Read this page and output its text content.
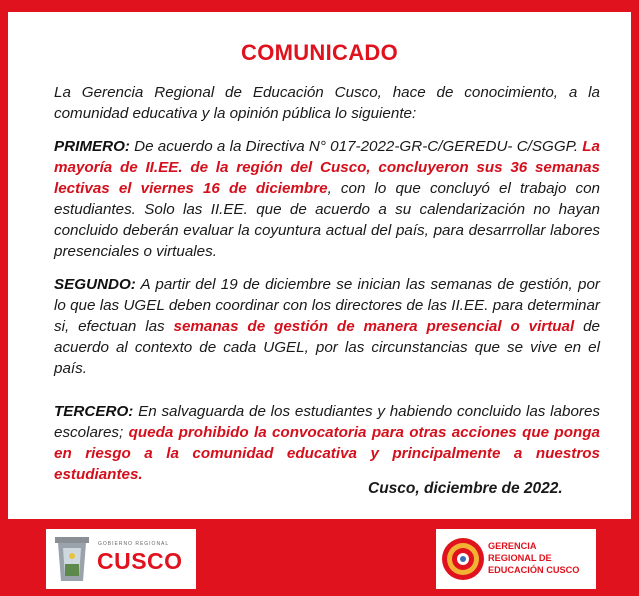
COMUNICADO

La Gerencia Regional de Educación Cusco, hace de conocimiento, a la comunidad educativa y la opinión pública lo siguiente:

PRIMERO: De acuerdo a la Directiva N° 017-2022-GR-C/GEREDU- C/SGGP. La mayoría de II.EE. de la región del Cusco, concluyeron sus 36 semanas lectivas el viernes 16 de diciembre, con lo que concluyó el trabajo con estudiantes. Solo las II.EE. que de acuerdo a su calendarización no hayan concluido deberán evaluar la coyuntura actual del país, para desarrrollar labores presenciales o virtuales.

SEGUNDO: A partir del 19 de diciembre se inician las semanas de gestión, por lo que las UGEL deben coordinar con los directores de las II.EE. para determinar si, efectuan las semanas de gestión de manera presencial o virtual de acuerdo al contexto de cada UGEL, por las circunstancias que se vive en el país.

TERCERO: En salvaguarda de los estudiantes y habiendo concluido las labores escolares; queda prohibido la convocatoria para otras acciones que ponga en riesgo a la comunidad educativa y principalmente a nuestros estudiantes.

Cusco, diciembre de 2022.
GOBIERNO REGIONAL
CUSCO
GERENCIA
REGIONAL DE
EDUCACIÓN CUSCO
